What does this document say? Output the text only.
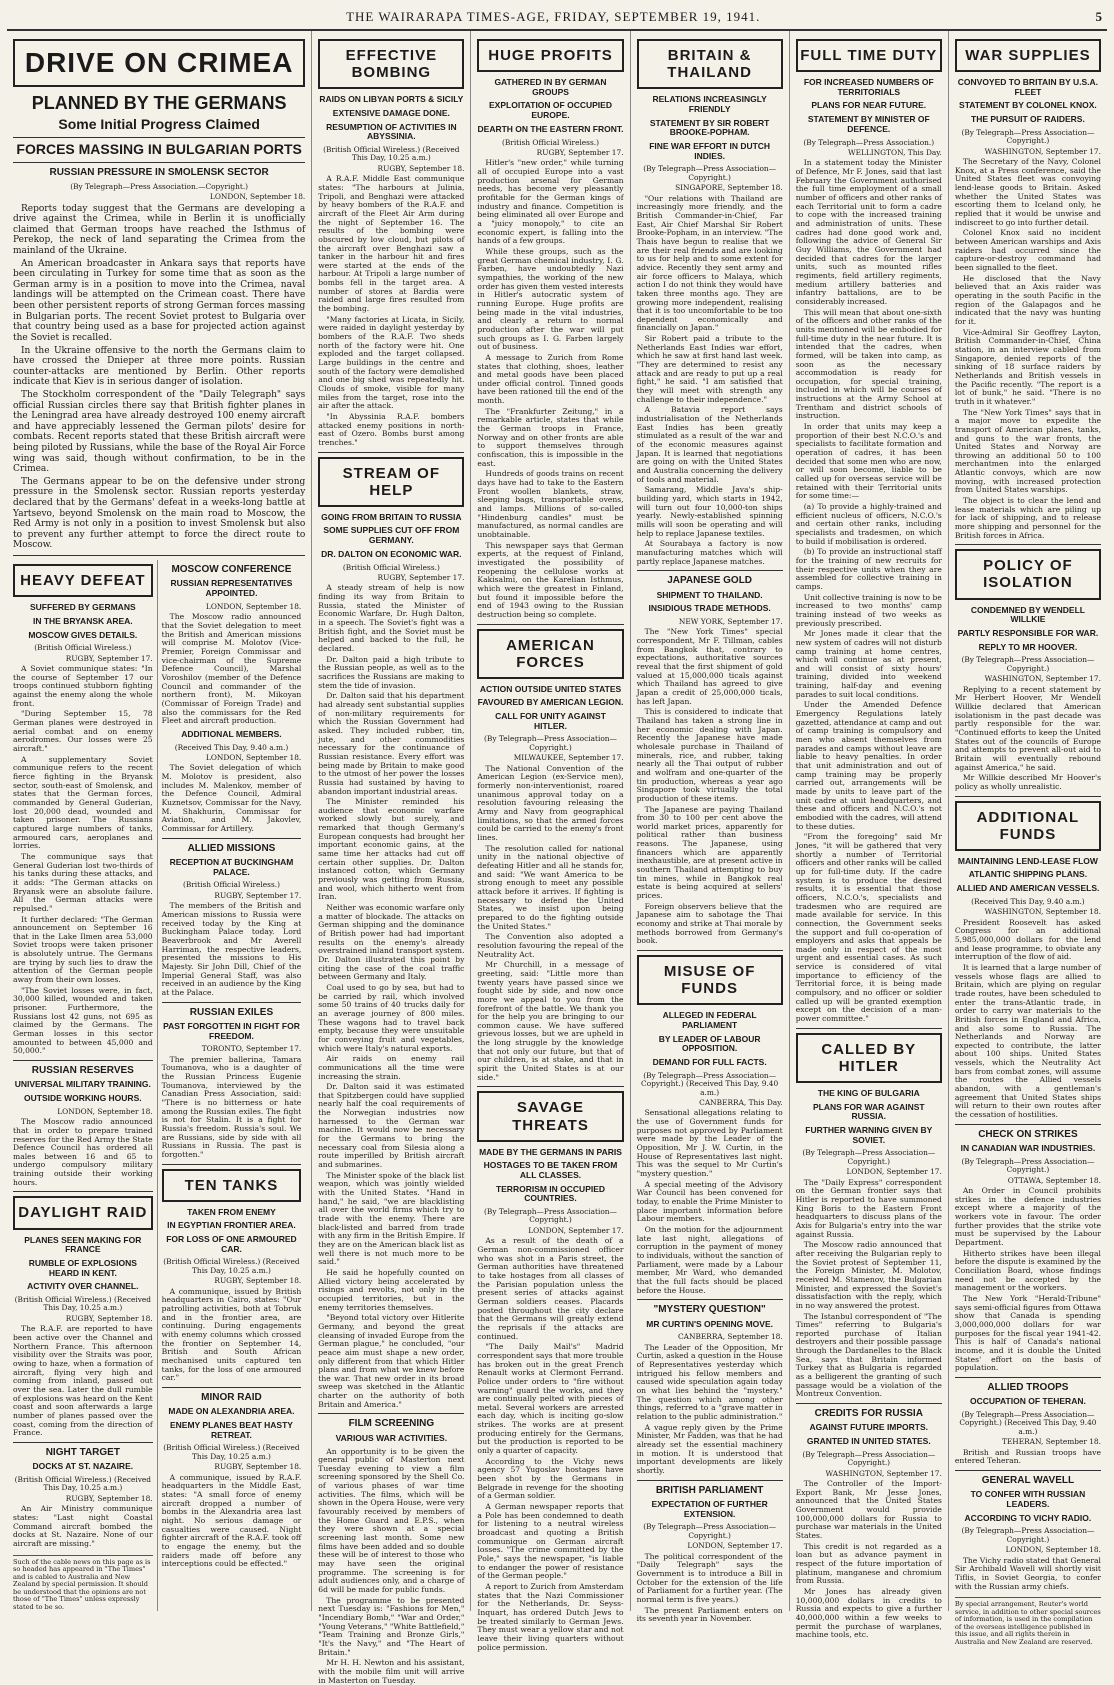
THE WAIRARAPA TIMES-AGE, FRIDAY, SEPTEMBER 19, 1941.	5
DRIVE ON CRIMEA
PLANNED BY THE GERMANS
Some Initial Progress Claimed
FORCES MASSING IN BULGARIAN PORTS
RUSSIAN PRESSURE IN SMOLENSK SECTOR
(By Telegraph—Press Association.—Copyright.)
LONDON, September 18.

Reports today suggest that the Germans are developing a drive against the Crimea, while in Berlin it is unofficially claimed that German troops have reached the Isthmus of Perekop, the neck of land separating the Crimea from the mainland of the Ukraine.

An American broadcaster in Ankara says that reports have been circulating in Turkey for some time that as soon as the German army is in a position to move into the Crimea, naval landings will be attempted on the Crimean coast. There have been other persistent reports of strong German forces massing in Bulgarian ports. The recent Soviet protest to Bulgaria over that country being used as a base for projected action against the Soviet is recalled.

In the Ukraine offensive to the north the Germans claim to have crossed the Dnieper at three more points. Russian counter-attacks are mentioned by Berlin. Other reports indicate that Kiev is in serious danger of isolation.

The Stockholm correspondent of the "Daily Telegraph" says official Russian circles there say that British fighter planes in the Leningrad area have already destroyed 100 enemy aircraft and have appreciably lessened the German pilots' desire for combats. Recent reports stated that these British aircraft were being piloted by Russians, while the base of the Royal Air Force wing was said, though without confirmation, to be in the Crimea.

The Germans appear to be on the defensive under strong pressure in the Smolensk sector. Russian reports yesterday declared that by the Germans' defeat in a weeks-long battle at Yartsevo, beyond Smolensk on the main road to Moscow, the Red Army is not only in a position to invest Smolensk but also to prevent any further attempt to force the direct route to Moscow.

HEAVY DEFEAT
SUFFERED BY GERMANS
IN THE BRYANSK AREA.
MOSCOW GIVES DETAILS.
(British Official Wireless.)
RUGBY, September 17.

A Soviet communique states: "In the course of September 17 our troops continued stubborn fighting against the enemy along the whole front.

"During September 15, 78 German planes were destroyed in aerial combat and on enemy aerodromes. Our losses were 25 aircraft."

A supplementary Soviet communique refers to the recent fierce fighting in the Bryansk sector, south-east of Smolensk, and states that the German forces, commanded by General Guderian, lost 20,000 dead, wounded and taken prisoner. The Russians captured large numbers of tanks, armoured cars, aeroplanes and lorries.

The communique says that General Guderian lost two-thirds of his tanks during these attacks, and it adds: "The German attacks on Bryansk were an absolute failure. All the German attacks were repulsed."

It further declared: "The German announcement on September 16 that in the Lake Ilmen area 53,000 Soviet troops were taken prisoner is absolutely untrue. The Germans are trying by such lies to draw the attention of the German people away from their own losses.

"The Soviet losses were, in fact, 30,000 killed, wounded and taken prisoner. Furthermore, the Russians lost 42 guns, not 695 as claimed by the Germans. The German losses in this sector amounted to between 45,000 and 50,000."

RUSSIAN RESERVES
UNIVERSAL MILITARY TRAINING.
OUTSIDE WORKING HOURS.
LONDON, September 18.

The Moscow radio announced that in order to prepare trained reserves for the Red Army the State Defence Council has ordered all males between 16 and 65 to undergo compulsory military training outside their working hours.

DAYLIGHT RAID
PLANES SEEN MAKING FOR FRANCE
RUMBLE OF EXPLOSIONS HEARD IN KENT.
ACTIVITY OVER CHANNEL.
(British Official Wireless.) (Received This Day, 10.25 a.m.)
RUGBY, September 18.

The R.A.F. are reported to have been active over the Channel and Northern France. This afternoon visibility over the Straits was poor, owing to haze, when a formation of aircraft, flying very high and coming from inland, passed out over the sea. Later the dull rumble of explosions was heard on the Kent coast and soon afterwards a large number of planes passed over the coast, coming from the direction of France.

NIGHT TARGET
DOCKS AT ST. NAZAIRE.
(British Official Wireless.) (Received This Day, 10.25 a.m.)
RUGBY, September 18.

An Air Ministry communique states: "Last night Coastal Command aircraft bombed the docks at St. Nazaire. None of our aircraft are missing."

Such of the cable news on this page as is so headed has appeared in "The Times" and is cabled to Australia and New Zealand by special permission. It should be understood that the opinions are not those of "The Times" unless expressly stated to be so.
MOSCOW CONFERENCE
RUSSIAN REPRESENTATIVES APPOINTED.
LONDON, September 18.

The Moscow radio announced that the Soviet delegation to meet the British and American missions will comprise M. Molotov (Vice-Premier, Foreign Commissar and vice-chairman of the Supreme Defence Council), Marshal Voroshilov (member of the Defence Council and commander of the northern front), M. Mikoyan (Commissar of Foreign Trade) and also the commissars for the Red Fleet and aircraft production.

ADDITIONAL MEMBERS.
(Received This Day, 9.40 a.m.)
LONDON, September 18.

The Soviet delegation of which M. Molotov is president, also includes M. Malenkov, member of the Defence Council, Admiral Kuznetsov, Commissar for the Navy, M. Shakhurin, Commissar for Aviation, and M. Jakovlev, Commissar for Artillery.

ALLIED MISSIONS
RECEPTION AT BUCKINGHAM PALACE.
(British Official Wireless.)
RUGBY, September 17.

The members of the British and American missions to Russia were received today by the King at Buckingham Palace today. Lord Beaverbrook and Mr Averell Harriman, the respective leaders, presented the missions to His Majesty. Sir John Dill, Chief of the Imperial General Staff, was also received in an audience by the King at the Palace.

RUSSIAN EXILES
PAST FORGOTTEN IN FIGHT FOR FREEDOM.
TORONTO, September 17.

The premier ballerina, Tamara Toumanova, who is a daughter of the Russian Princess Eugenie Toumanova, interviewed by the Canadian Press Association, said: "There is no bitterness or hate among the Russian exiles. The fight is not for Stalin. It is a fight for Russia's freedom. Russia's soul. We are Russians, side by side with all Russians in Russia. The past is forgotten."

TEN TANKS
TAKEN FROM ENEMY
IN EGYPTIAN FRONTIER AREA.
FOR LOSS OF ONE ARMOURED CAR.
(British Official Wireless.) (Received This Day, 10.25 a.m.)
RUGBY, September 18.

A communique, issued by British headquarters in Cairo, states: "Our patrolling activities, both at Tobruk and in the frontier area, are continuing. During engagements with enemy columns which crossed the frontier on September 14, British and South African mechanised units captured ten tanks, for the loss of one armoured car."

MINOR RAID
MADE ON ALEXANDRIA AREA.
ENEMY PLANES BEAT HASTY RETREAT.
(British Official Wireless.) (Received This Day, 10.25 a.m.)
RUGBY, September 18.

A communique, issued by R.A.F. headquarters in the Middle East, states: "A small force of enemy aircraft dropped a number of bombs in the Alexandria area last night. No serious damage or casualties were caused. Night fighter aircraft of the R.A.F. took off to engage the enemy, but the raiders made off before any interceptions could be effected."

EFFECTIVE BOMBING
RAIDS ON LIBYAN PORTS & SICILY
EXTENSIVE DAMAGE DONE.
RESUMPTION OF ACTIVITIES IN ABYSSINIA.
(British Official Wireless.) (Received This Day, 10.25 a.m.)
RUGBY, September 18.

A R.A.F. Middle East communique states: "The harbours at Julinia, Tripoli, and Benghazi were attacked by heavy bombers of the R.A.F. and aircraft of the Fleet Air Arm during the night of September 16. The results of the bombing were obscured by low cloud, but pilots of the aircraft over Benghazi saw a tanker in the harbour hit and fires were started at the ends of the harbour. At Tripoli a large number of bombs fell in the target area. A number of stores at Bardia were raided and large fires resulted from the bombing.

"Many factories at Licata, in Sicily, were raided in daylight yesterday by bombers of the R.A.F. Two sheds north of the factory were hit. One exploded and the target collapsed. Large buildings in the centre and south of the factory were demolished and one big shed was repeatedly hit. Clouds of smoke, visible for many miles from the target, rose into the air after the attack.

"In Abyssinia R.A.F. bombers attacked enemy positions in north-east of Ozero. Bombs burst among trenches."

STREAM OF HELP
GOING FROM BRITAIN TO RUSSIA
SOME SUPPLIES CUT OFF FROM GERMANY.
DR. DALTON ON ECONOMIC WAR.
(British Official Wireless.)
RUGBY, September 17.

A steady stream of help is now finding its way from Britain to Russia, stated the Minister of Economic Warfare, Dr. Hugh Dalton, in a speech. The Soviet's fight was a British fight, and the Soviet must be helped and backed to the full, he declared.

Dr. Dalton paid a high tribute to the Russian people, as well as to the sacrifices the Russians are making to stem the tide of invasion.

Dr. Dalton said that his department had already sent substantial supplies of non-military requirements for which the Russian Government had asked. They included rubber, tin, jute, and other commodities necessary for the continuance of Russian resistance. Every effort was being made by Britain to make good to the utmost of her power the losses Russia had sustained by having to abandon important industrial areas.

The Minister reminded his audience that economic warfare worked slowly but surely, and remarked that though Germany's European conquests had brought her important economic gains, at the same time her attacks had cut off certain other supplies. Dr. Dalton instanced cotton, which Germany previously was getting from Russia, and wool, which hitherto went from Iran.

Neither was economic warfare only a matter of blockade. The attacks on German shipping and the dominance of British power had had important results on the enemy's already overstrained inland transport system. Dr. Dalton illustrated this point by citing the case of the coal traffic between Germany and Italy.

Coal used to go by sea, but had to be carried by rail, which involved some 50 trains of 40 trucks daily for an average journey of 800 miles. These wagons had to travel back empty, because they were unsuitable for conveying fruit and vegetables, which were Italy's natural exports.

Air raids on enemy rail communications all the time were increasing the strain.

Dr. Dalton said it was estimated that Spitzbergen could have supplied nearly half the coal requirements of the Norwegian industries now harnessed to the German war machine. It would now be necessary for the Germans to bring the necessary coal from Silesia along a route imperilled by British aircraft and submarines.

The Minister spoke of the black list weapon, which was jointly wielded with the United States. "Hand in hand," he said, "we are blacklisting all over the world firms which try to trade with the enemy. There are black-listed and barred from trade with any firm in the British Empire. If they are on the American black list as well there is not much more to be said."

He said he hopefully counted on Allied victory being accelerated by risings and revolts, not only in the occupied territories, but in the enemy territories themselves.

"Beyond total victory over Hitlerite Germany, and beyond the great cleansing of invaded Europe from the German plague," he concluded, "our peace aim must shape a new order, only different from that which Hitler plans and from what we knew before the war. That new order in its broad sweep was sketched in the Atlantic charter on the authority of both Britain and America."

FILM SCREENING
VARIOUS WAR ACTIVITIES.

An opportunity is to be given the general public of Masterton next Tuesday evening to view a film screening sponsored by the Shell Co. of various phases of war time activities. The films, which will be shown in the Opera House, were very favourably received by members of the Home Guard and E.P.S., when they were shown at a special screening last month. Some new films have been added and so double these will be of interest to those who may have seen the original programme. The screening is for adult audiences only, and a charge of 6d will be made for public funds.

The programme to be presented next Tuesday is: "Fashions for Men," "Incendiary Bomb," "War and Order," "Young Veterans," "White Battlefield," "Team Training and Bronze Girls," "It's the Navy," and "The Heart of Britain."

Mr H. H. Newton and his assistant, with the mobile film unit will arrive in Masterton on Tuesday.

HUGE PROFITS
GATHERED IN BY GERMAN GROUPS
EXPLOITATION OF OCCUPIED EUROPE.
DEARTH ON THE EASTERN FRONT.
(British Official Wireless.)
RUGBY, September 17.

Hitler's "new order," while turning all of occupied Europe into a vast production arsenal for German needs, has become very pleasantly profitable for the German kings of industry and finance. Competition is being eliminated all over Europe and a "juicy monopoly," to cite an economic expert, is falling into the hands of a few groups.

While these groups, such as the great German chemical industry, I. G. Farben, have undoubtedly Nazi sympathies, the working of the new order has given them vested interests in Hitler's autocratic system of running Europe. Huge profits are being made in the vital industries, and clearly a return to normal production after the war will put such groups as I. G. Farben largely out of business.

A message to Zurich from Rome states that clothing, shoes, leather and metal goods have been placed under official control. Tinned goods have been rationed till the end of the month.

The "Frankfurter Zeitung," in a remarkable article, states that while the German troops in France, Norway and on other fronts are able to support themselves through confiscation, this is impossible in the east.

Hundreds of goods trains on recent days have had to take to the Eastern Front woollen blankets, straw, sleeping bags, transportable ovens, and lamps. Millions of so-called "Hindenburg candles" must be manufactured, as normal candles are unobtainable.

This newspaper says that German experts, at the request of Finland, investigated the possibility of reopening the cellulose works at Kakisalmi, on the Karelian Isthmus, which were the greatest in Finland, but found it impossible before the end of 1943 owing to the Russian destruction being so complete.

AMERICAN FORCES
ACTION OUTSIDE UNITED STATES
FAVOURED BY AMERICAN LEGION.
CALL FOR UNITY AGAINST HITLER.
(By Telegraph—Press Association—Copyright.)
MILWAUKEE, September 17.

The National Convention of the American Legion (ex-Service men), formerly non-interventionist, roared unanimous approval today on a resolution favouring releasing the Army and Navy from geographical limitations, so that the armed forces could be carried to the enemy's front lines.

The resolution called for national unity in the national objective of defeating Hitler and all he stands for, and said: "We want America to be strong enough to meet any possible attack before it arrives. If fighting is necessary to defend the United States, we insist upon being prepared to do the fighting outside the United States."

The Convention also adopted a resolution favouring the repeal of the Neutrality Act.

Mr Churchill, in a message of greeting, said: "Little more than twenty years have passed since we fought side by side, and now once more we appeal to you from the forefront of the battle. We thank you for the help you are bringing to our common cause. We have suffered grievous losses, but we are upheld in the long struggle by the knowledge that not only our future, but that of our children, is at stake, and that in spirit the United States is at our side."

SAVAGE THREATS
MADE BY THE GERMANS IN PARIS
HOSTAGES TO BE TAKEN FROM ALL CLASSES.
TERRORISM IN OCCUPIED COUNTRIES.
(By Telegraph—Press Association—Copyright.)
LONDON, September 17.

As a result of the death of a German non-commissioned officer who was shot in a Paris street, the German authorities have threatened to take hostages from all classes of the Parisian population unless the present series of attacks against German soldiers ceases. Placards posted throughout the city declare that the Germans will greatly extend the reprisals if the attacks are continued.

"The Daily Mail's" Madrid correspondent says that more trouble has broken out in the great French Renault works at Clermont Ferrand. Police under orders to "fire without warning" guard the works, and they are continually pelted with pieces of metal. Several workers are arrested each day, which is inciting go-slow strikes. The works are at present producing entirely for the Germans, but the production is reported to be only a quarter of capacity.

According to the Vichy news agency 57 Yugoslav hostages have been shot by the Germans in Belgrade in revenge for the shooting of a German soldier.

A German newspaper reports that a Pole has been condemned to death for listening to a neutral wireless broadcast and quoting a British communique on German aircraft losses. "The crime committed by the Pole," says the newspaper, "is liable to endanger the power of resistance of the German people."

A report to Zurich from Amsterdam states that the Nazi Commissioner for the Netherlands, Dr. Seyss-Inquart, has ordered Dutch Jews to be treated similarly to German Jews. They must wear a yellow star and not leave their living quarters without police permission.

BRITAIN & THAILAND
RELATIONS INCREASINGLY FRIENDLY
STATEMENT BY SIR ROBERT BROOKE-POPHAM.
FINE WAR EFFORT IN DUTCH INDIES.
(By Telegraph—Press Association—Copyright.)
SINGAPORE, September 18.

"Our relations with Thailand are increasingly more friendly, and the British Commander-in-Chief, Far East, Air Chief Marshal Sir Robert Brooke-Popham, in an interview. "The Thais have begun to realise that we are their real friends and are looking to us for help and to some extent for advice. Recently they sent army and air force officers to Malaya, which action I do not think they would have taken three months ago. They are growing more independent, realising that it is too uncomfortable to be too dependent economically and financially on Japan."

Sir Robert paid a tribute to the Netherlands East Indies war effort, which he saw at first hand last week. "They are determined to resist any attack and are ready to put up a real fight," he said. "I am satisfied that they will meet with strength any challenge to their independence."

A Batavia report says industrialisation of the Netherlands East Indies has been greatly stimulated as a result of the war and of the economic measures against Japan. It is learned that negotiations are going on with the United States and Australia concerning the delivery of tools and material.

Samarang, Middle Java's ship-building yard, which starts in 1942, will turn out four 10,000-ton ships yearly. Newly-established spinning mills will soon be operating and will help to replace Japanese textiles.

At Sourabaya a factory is now manufacturing matches which will partly replace Japanese matches.

JAPANESE GOLD
SHIPMENT TO THAILAND.
INSIDIOUS TRADE METHODS.
NEW YORK, September 17.

The "New York Times" special correspondent, Mr F. Tillman, cables from Bangkok that, contrary to expectations, authoritative sources reveal that the first shipment of gold valued at 15,000,000 ticals against which Thailand has agreed to give Japan a credit of 25,000,000 ticals, has left Japan.

This is considered to indicate that Thailand has taken a strong line in her economic dealing with Japan. Recently the Japanese have made wholesale purchase in Thailand of minerals, rice, and rubber, taking nearly all the Thai output of rubber and wolfram and one-quarter of the tin production, whereas a year ago Singapore took virtually the total production of these items.

The Japanese are paying Thailand from 30 to 100 per cent above the world market prices, apparently for political rather than business reasons. The Japanese, using financers which are apparently inexhaustible, are at present active in southern Thailand attempting to buy tin mines, while in Bangkok real estate is being acquired at sellers' prices.

Foreign observers believe that the Japanese aim to sabotage the Thai economy and strike at Thai morale by methods borrowed from Germany's book.

MISUSE OF FUNDS
ALLEGED IN FEDERAL PARLIAMENT
BY LEADER OF LABOUR OPPOSITION.
DEMAND FOR FULL FACTS.
(By Telegraph—Press Association—Copyright.) (Received This Day, 9.40 a.m.)
CANBERRA, This Day.

Sensational allegations relating to the use of Government funds for purposes not approved by Parliament were made by the Leader of the Opposition, Mr J. W. Curtin, in the House of Representatives last night. This was the sequel to Mr Curtin's "mystery question."

A special meeting of the Advisory War Council has been convened for today, to enable the Prime Minister to place important information before Labour members.

On the motion for the adjournment late last night, allegations of corruption in the payment of money to individuals, without the sanction of Parliament, were made by a Labour member, Mr Ward, who demanded that the full facts should be placed before the House.

"MYSTERY QUESTION"
MR CURTIN'S OPENING MOVE.
CANBERRA, September 18.

The Leader of the Opposition, Mr Curtin, asked a question in the House of Representatives yesterday which intrigued his fellow members and caused wide speculation again today on what lies behind the "mystery." The question which among other things, referred to a "grave matter in relation to the public administration."

A vague reply given by the Prime Minister, Mr Fadden, was that he had already set the essential machinery in motion. It is understood that important developments are likely shortly.

BRITISH PARLIAMENT
EXPECTATION OF FURTHER EXTENSION.
(By Telegraph—Press Association—Copyright.)
LONDON, September 17.

The political correspondent of the "Daily Telegraph" says the Government is to introduce a Bill in October for the extension of the life of Parliament for a further year. (The normal term is five years.)

The present Parliament enters on its seventh year in November.

FULL TIME DUTY
FOR INCREASED NUMBERS OF TERRITORIALS
PLANS FOR NEAR FUTURE.
STATEMENT BY MINISTER OF DEFENCE.
(By Telegraph—Press Association.)
WELLINGTON, This Day.

In a statement today the Minister of Defence, Mr F. Jones, said that last February the Government authorised the full time employment of a small number of officers and other ranks of each Territorial unit to form a cadre to cope with the increased training and administration of units. These cadres had done good work and, following the advice of General Sir Guy Williams, the Government had decided that cadres for the larger units, such as mounted rifles regiments, field artillery regiments, medium artillery batteries and infantry battalions, are to be considerably increased.

This will mean that about one-sixth of the officers and other ranks of the units mentioned will be embodied for full-time duty in the near future. It is intended that the cadres, when formed, will be taken into camp, as soon as the necessary accommodation is ready for occupation, for special training, included in which will be courses of instructions at the Army School at Trentham and district schools of instruction.

In order that units may keep a proportion of their best N.C.O.'s and specialists to facilitate formation and operation of cadres, it has been decided that some men who are now, or will soon become, liable to be called up for overseas service will be retained with their Territorial units for some time:—

(a) To provide a highly-trained and efficient nucleus of officers, N.C.O.'s and certain other ranks, including specialists and tradesmen, on which to build if mobilisation is ordered.

(b) To provide an instructional staff for the training of new recruits for their respective units when they are assembled for collective training in camps.

Unit collective training is now to be increased to two months' camp training instead of two weeks as previously prescribed.

Mr Jones made it clear that the new system of cadres will not disturb camp training at home centres, which will continue as at present, and will consist of sixty hours' training, divided into weekend training, half-day and evening parades to suit local conditions.

Under the Amended Defence Emergency Regulations lately gazetted, attendance at camp and out of camp training is compulsory and men who absent themselves from parades and camps without leave are liable to heavy penalties. In order that unit administration and out of camp training may be properly carried out, arrangements will be made by units to leave part of the unit cadre at unit headquarters, and these and officers and N.C.O.'s not embodied with the cadres, will attend to these duties.

"From the foregoing" said Mr Jones, "it will be gathered that very shortly a number of Territorial officers and other ranks will be called up for full-time duty. If the cadre system is to produce the desired results, it is essential that those officers, N.C.O.'s, specialists and tradesmen who are required are made available for service. In this connection, the Government seeks the support and full co-operation of employers and asks that appeals be made only in respect of the most urgent and essential cases. As such service is considered of vital importance to efficiency of the Territorial force, it is being made compulsory, and no officer or soldier called up will be granted exemption except on the decision of a man-power committee."

CALLED BY HITLER
THE KING OF BULGARIA
PLANS FOR WAR AGAINST RUSSIA.
FURTHER WARNING GIVEN BY SOVIET.
(By Telegraph—Press Association—Copyright.)
LONDON, September 17.

The "Daily Express" correspondent on the German frontier says that Hitler is reported to have summoned King Boris to the Eastern Front headquarters to discuss plans of the Axis for Bulgaria's entry into the war against Russia.

The Moscow radio announced that after receiving the Bulgarian reply to the Soviet protest of September 11, the Foreign Minister, M. Molotov, received M. Stamenov, the Bulgarian Minister, and expressed the Soviet's dissatisfaction with the reply, which in no way answered the protest.

The Istanbul correspondent of "The Times" referring to Bulgaria's reported purchase of Italian destroyers and their possible passage through the Dardanelles to the Black Sea, says that Britain informed Turkey that as Bulgaria is regarded as a belligerent the granting of such passage would be a violation of the Montreux Convention.

CREDITS FOR RUSSIA
AGAINST FUTURE IMPORTS.
GRANTED IN UNITED STATES.
(By Telegraph—Press Association—Copyright.)
WASHINGTON, September 17.

The Controller of the Import-Export Bank, Mr Jesse Jones, announced that the United States Government would provide 100,000,000 dollars for Russia to purchase war materials in the United States.

This credit is not regarded as a loan but as advance payment in respect of the future importation of platinum, manganese and chromium from Russia.

Mr Jones has already given 10,000,000 dollars in credits to Russia and expects to give a further 40,000,000 within a few weeks to permit the purchase of warplanes, machine tools, etc.

WAR SUPPLIES
CONVOYED TO BRITAIN BY U.S.A. FLEET
STATEMENT BY COLONEL KNOX.
THE PURSUIT OF RAIDERS.
(By Telegraph—Press Association—Copyright.)
WASHINGTON, September 17.

The Secretary of the Navy, Colonel Knox, at a Press conference, said the United States fleet was convoying lend-lease goods to Britain. Asked whether the United States was escorting them to Iceland only, he replied that it would be unwise and indiscreet to go into further detail.

Colonel Knox said no incident between American warships and Axis raiders had occurred since the capture-or-destroy command had been signalled to the fleet.

He disclosed that the Navy believed that an Axis raider was operating in the south Pacific in the region of the Galapagos and he indicated that the navy was hunting for it.

Vice-Admiral Sir Geoffrey Layton, British Commander-in-Chief, China station, in an interview cabled from Singapore, denied reports of the sinking of 18 surface raiders by Netherlands and British vessels in the Pacific recently. "The report is a lot of bunk," he said. "There is no truth in it whatever."

The "New York Times" says that in a major move to expedite the transport of American planes, tanks, and guns to the war fronts, the United States and Norway are throwing an additional 50 to 100 merchantmen into the enlarged Atlantic convoys, which are now moving, with increased protection from United States warships.

The object is to clear the lend and lease materials which are piling up for lack of shipping, and to release more shipping and personnel for the British forces in Africa.

POLICY OF ISOLATION
CONDEMNED BY WENDELL WILLKIE
PARTLY RESPONSIBLE FOR WAR.
REPLY TO MR HOOVER.
(By Telegraph—Press Association—Copyright.)
WASHINGTON, September 17.

Replying to a recent statement by Mr Herbert Hoover, Mr Wendell Willkie declared that American isolationism in the past decade was partly responsible for the war. "Continued efforts to keep the United States out of the councils of Europe and attempts to prevent all-out aid to Britain will eventually rebound against America," he said.

Mr Willkie described Mr Hoover's policy as wholly unrealistic.

ADDITIONAL FUNDS
MAINTAINING LEND-LEASE FLOW
ATLANTIC SHIPPING PLANS.
ALLIED AND AMERICAN VESSELS.
(Received This Day, 9.40 a.m.)
WASHINGTON, September 18.

President Roosevelt has asked Congress for an additional 5,985,000,000 dollars for the lend and lease programme, to obviate any interruption of the flow of aid.

It is learned that a large number of vessels whose flags are allied to Britain, which are plying on regular trade routes, have been scheduled to enter the trans-Atlantic trade, in order to carry war materials to the British forces in England and Africa, and also some to Russia. The Netherlands and Norway are expected to contribute, the latter about 100 ships. United States vessels, which the Neutrality Act bars from combat zones, will assume the routes the Allied vessels abandon, with a gentleman's agreement that United States ships will return to their own routes after the cessation of hostilities.

CHECK ON STRIKES
IN CANADIAN WAR INDUSTRIES.
(By Telegraph—Press Association—Copyright.)
OTTAWA, September 18.

An Order in Council prohibits strikes in the defence industries except where a majority of the workers vote in favour. The order further provides that the strike vote must be supervised by the Labour Department.

Hitherto strikes have been illegal before the dispute is examined by the Conciliation Board, whose findings need not be accepted by the management or the workers.

The New York "Herald-Tribune" says semi-official figures from Ottawa show that Canada is spending 3,000,000,000 dollars for war purposes for the fiscal year 1941-42. This is half of Canada's national income, and it is double the United States' effort on the basis of population.

ALLIED TROOPS
OCCUPATION OF TEHERAN.
(By Telegraph—Press Association—Copyright.) (Received This Day, 9.40 a.m.)
TEHERAN, September 18.

British and Russian troops have entered Teheran.

GENERAL WAVELL
TO CONFER WITH RUSSIAN LEADERS.
ACCORDING TO VICHY RADIO.
(By Telegraph—Press Association—Copyright.)
LONDON, September 18.

The Vichy radio stated that General Sir Archibald Wavell will shortly visit Tiflis, in Soviet Georgia, to confer with the Russian army chiefs.

By special arrangement, Reuter's world service, in addition to other special sources of information, is used in the compilation of the overseas intelligence published in this issue, and all rights therein in Australia and New Zealand are reserved.
